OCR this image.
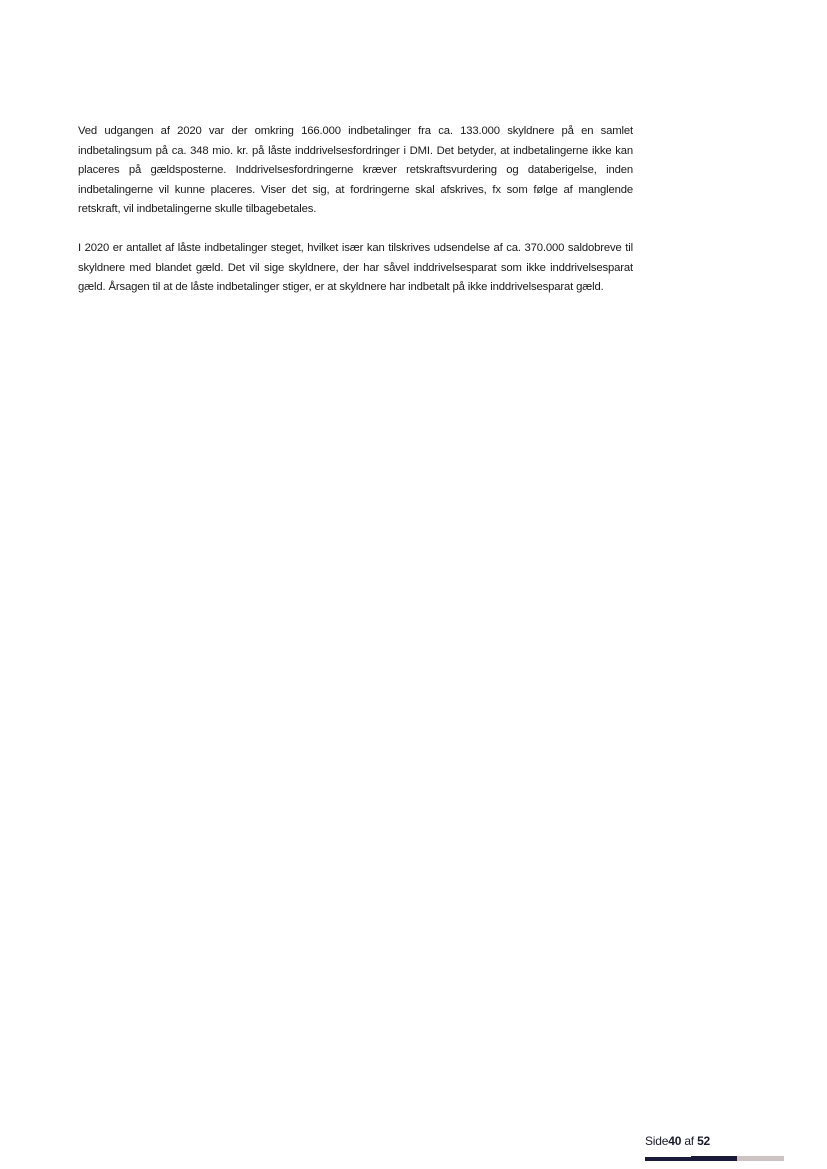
Ved udgangen af 2020 var der omkring 166.000 indbetalinger fra ca. 133.000 skyldnere på en samlet indbetalingsum på ca. 348 mio. kr. på låste inddrivelsesfordringer i DMI. Det betyder, at indbetalingerne ikke kan placeres på gældsposterne. Inddrivelsesfordringerne kræver retskraftsvurdering og databerigelse, inden indbetalingerne vil kunne placeres. Viser det sig, at fordringerne skal afskrives, fx som følge af manglende retskraft, vil indbetalingerne skulle tilbagebetales.

I 2020 er antallet af låste indbetalinger steget, hvilket især kan tilskrives udsendelse af ca. 370.000 saldobreve til skyldnere med blandet gæld. Det vil sige skyldnere, der har såvel inddrivelsesparat som ikke inddrivelsesparat gæld. Årsagen til at de låste indbetalinger stiger, er at skyldnere har indbetalt på ikke inddrivelsesparat gæld.

Side40 af 52
